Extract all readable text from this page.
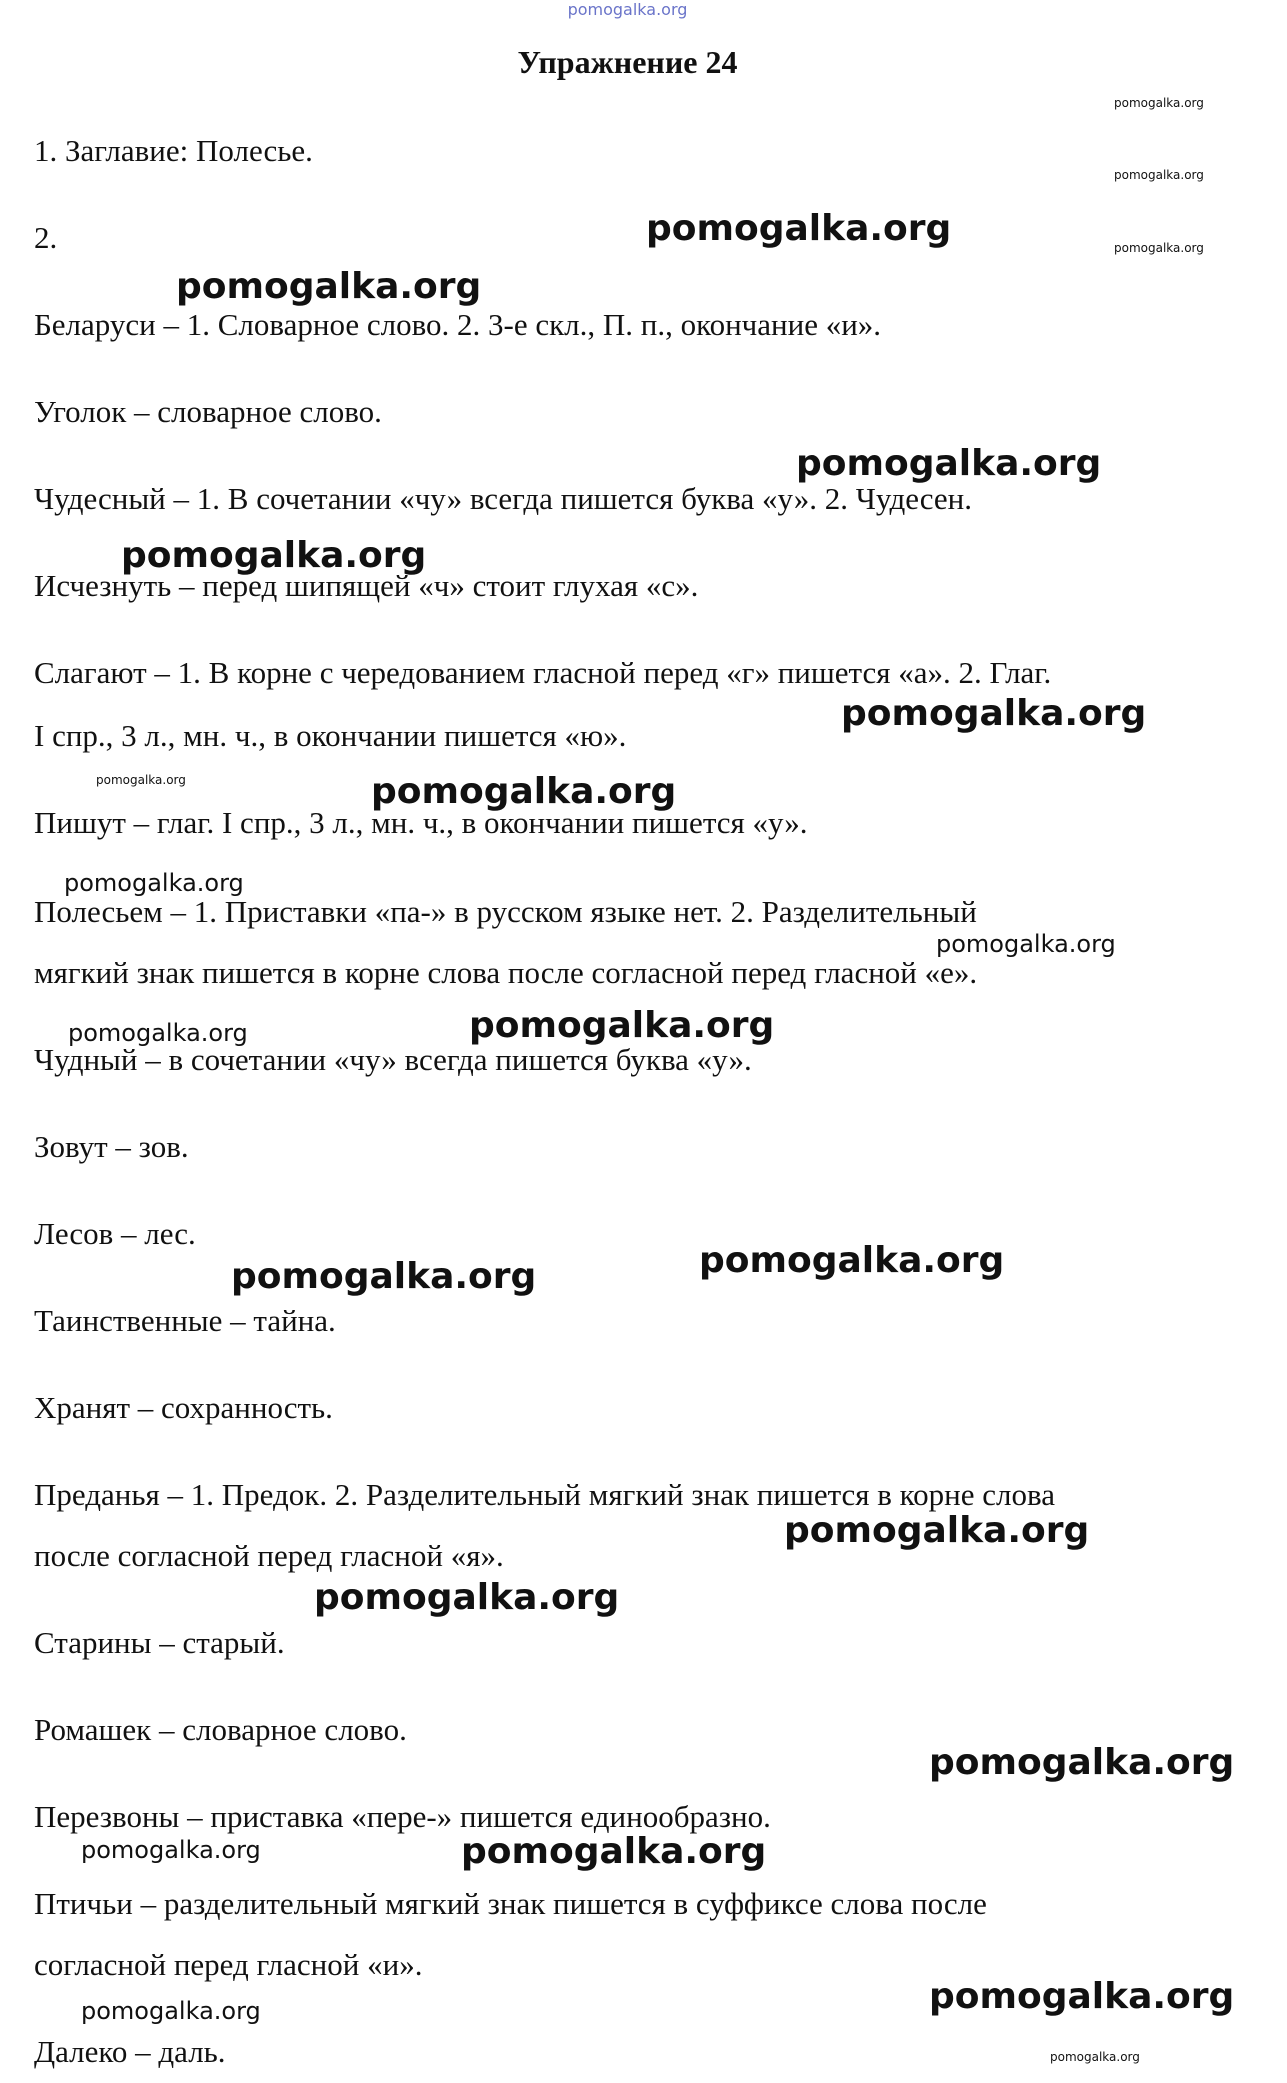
pomogalka.org
Упражнение 24
1. Заглавие: Полесье.
2.
Беларуси – 1. Словарное слово. 2. 3-е скл., П. п., окончание «и».
Уголок – словарное слово.
Чудесный – 1. В сочетании «чу» всегда пишется буква «у». 2. Чудесен.
Исчезнуть – перед шипящей «ч» стоит глухая «с».
Слагают – 1. В корне с чередованием гласной перед «г» пишется «а». 2. Глаг.
I спр., 3 л., мн. ч., в окончании пишется «ю».
Пишут – глаг. I спр., 3 л., мн. ч., в окончании пишется «у».
Полесьем – 1. Приставки «па-» в русском языке нет. 2. Разделительный
мягкий знак пишется в корне слова после согласной перед гласной «е».
Чудный – в сочетании «чу» всегда пишется буква «у».
Зовут – зов.
Лесов – лес.
Таинственные – тайна.
Хранят – сохранность.
Преданья – 1. Предок. 2. Разделительный мягкий знак пишется в корне слова
после согласной перед гласной «я».
Старины – старый.
Ромашек – словарное слово.
Перезвоны – приставка «пере-» пишется единообразно.
Птичьи – разделительный мягкий знак пишется в суффиксе слова после
согласной перед гласной «и».
Далеко – даль.
pomogalka.org
pomogalka.org
pomogalka.org
pomogalka.org
pomogalka.org
pomogalka.org
pomogalka.org
pomogalka.org
pomogalka.org
pomogalka.org
pomogalka.org
pomogalka.org
pomogalka.org
pomogalka.org
pomogalka.org
pomogalka.org
pomogalka.org
pomogalka.org
pomogalka.org
pomogalka.org
pomogalka.org
pomogalka.org
pomogalka.org
pomogalka.org
